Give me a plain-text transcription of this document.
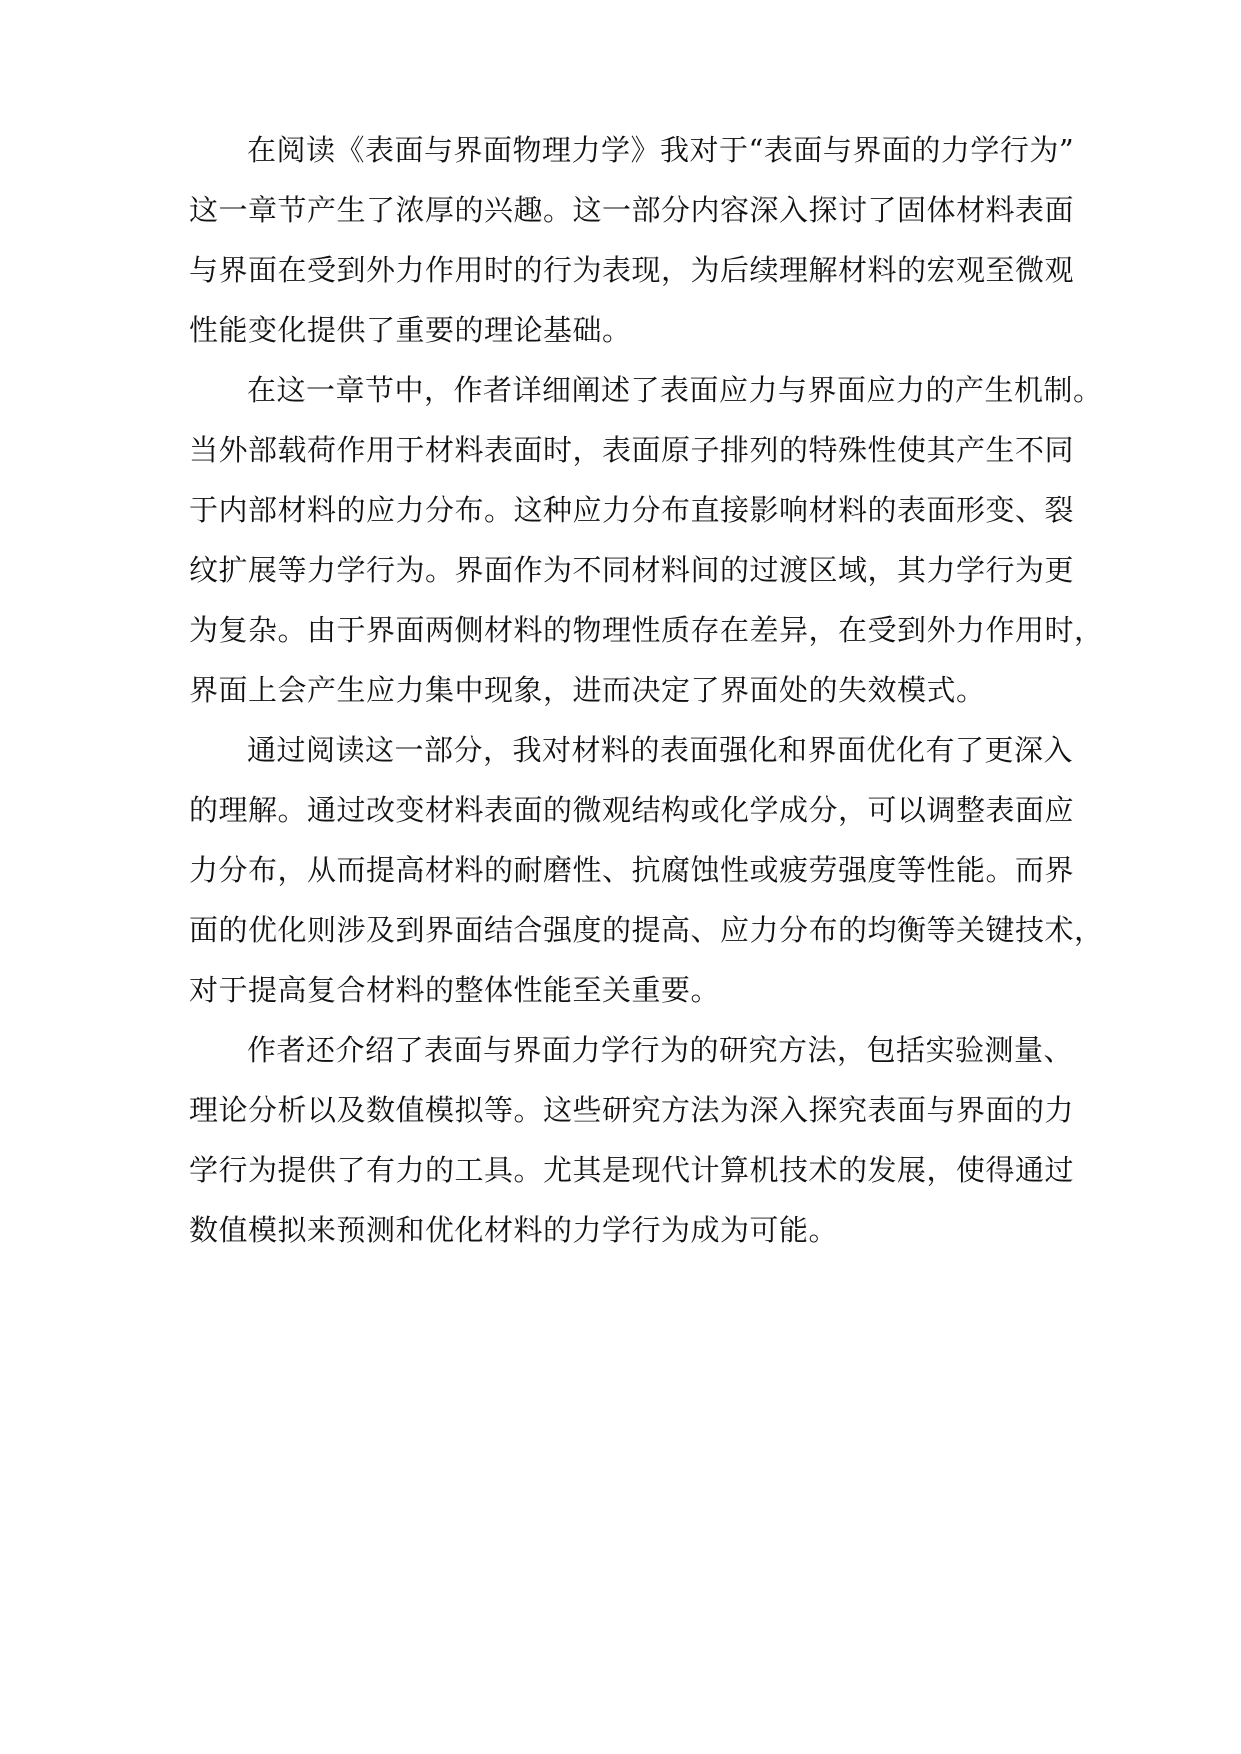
在阅读《表面与界面物理力学》我对于“表面与界面的力学行为”
这一章节产生了浓厚的兴趣。这一部分内容深入探讨了固体材料表面
与界面在受到外力作用时的行为表现，为后续理解材料的宏观至微观
性能变化提供了重要的理论基础。
在这一章节中，作者详细阐述了表面应力与界面应力的产生机制。
当外部载荷作用于材料表面时，表面原子排列的特殊性使其产生不同
于内部材料的应力分布。这种应力分布直接影响材料的表面形变、裂
纹扩展等力学行为。界面作为不同材料间的过渡区域，其力学行为更
为复杂。由于界面两侧材料的物理性质存在差异，在受到外力作用时，
界面上会产生应力集中现象，进而决定了界面处的失效模式。
通过阅读这一部分，我对材料的表面强化和界面优化有了更深入
的理解。通过改变材料表面的微观结构或化学成分，可以调整表面应
力分布，从而提高材料的耐磨性、抗腐蚀性或疲劳强度等性能。而界
面的优化则涉及到界面结合强度的提高、应力分布的均衡等关键技术，
对于提高复合材料的整体性能至关重要。
作者还介绍了表面与界面力学行为的研究方法，包括实验测量、
理论分析以及数值模拟等。这些研究方法为深入探究表面与界面的力
学行为提供了有力的工具。尤其是现代计算机技术的发展，使得通过
数值模拟来预测和优化材料的力学行为成为可能。
